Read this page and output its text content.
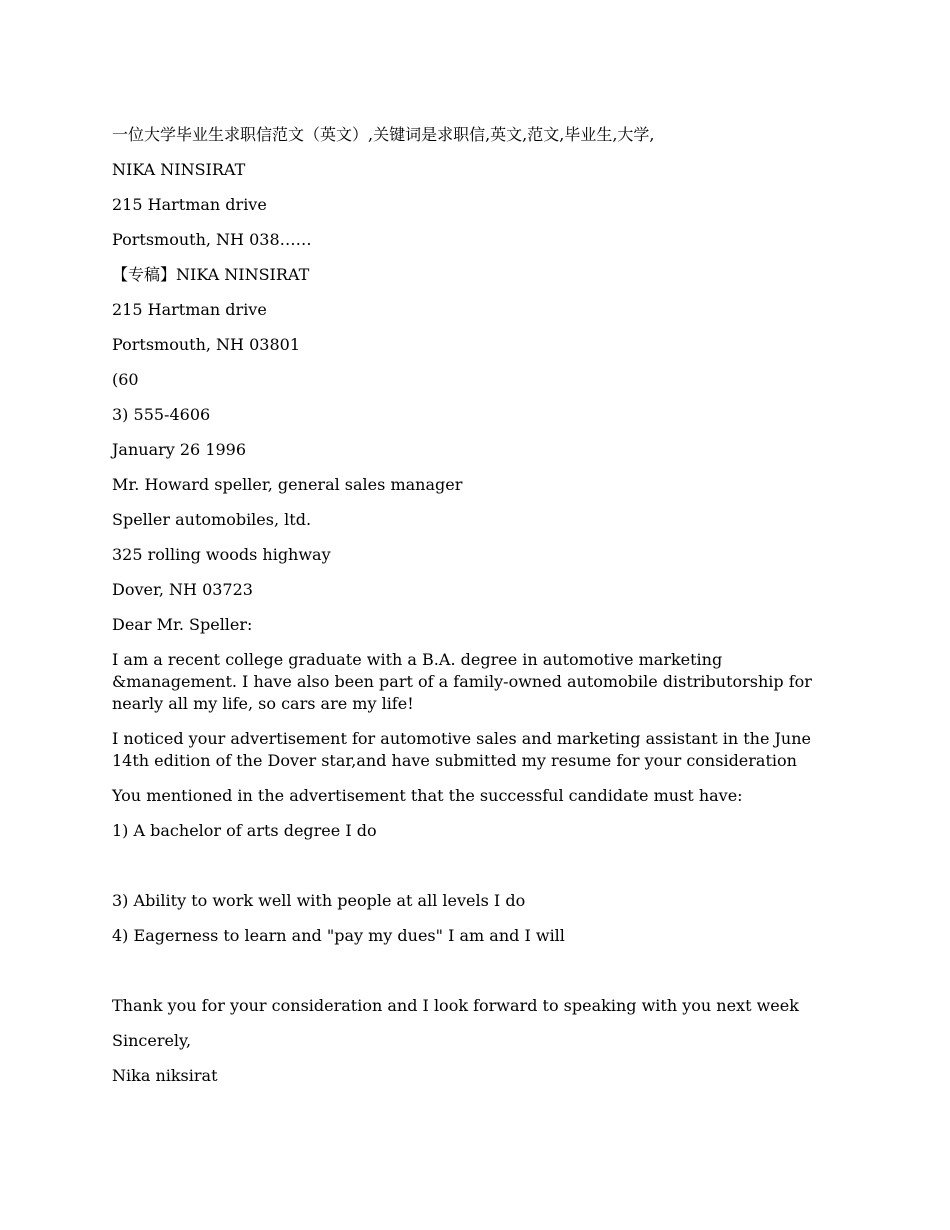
一位大学毕业生求职信范文（英文）,关键词是求职信,英文,范文,毕业生,大学,

NIKA NINSIRAT

215 Hartman drive

Portsmouth, NH 038……

【专稿】NIKA NINSIRAT

215 Hartman drive

Portsmouth, NH 03801

(60

3) 555-4606

January 26 1996

Mr. Howard speller, general sales manager

Speller automobiles, ltd.

325 rolling woods highway

Dover, NH 03723

Dear Mr. Speller:

I am a recent college graduate with a B.A. degree in automotive marketing &management. I have also been part of a family-owned automobile distributorship for nearly all my life, so cars are my life!

I noticed your advertisement for automotive sales and marketing assistant in the June 14th edition of the Dover star,and have submitted my resume for your consideration

You mentioned in the advertisement that the successful candidate must have:

1) A bachelor of arts degree I do

3) Ability to work well with people at all levels I do

4) Eagerness to learn and "pay my dues" I am and I will

Thank you for your consideration and I look forward to speaking with you next week

Sincerely,

Nika niksirat
